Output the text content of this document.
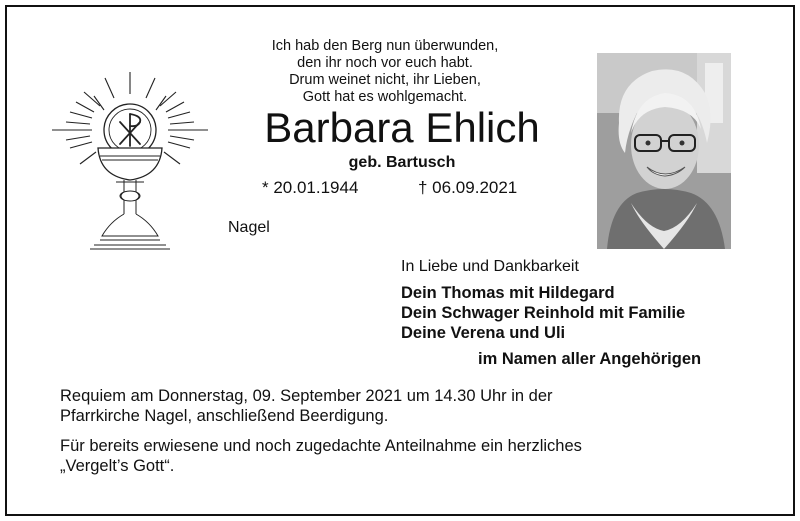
Ich hab den Berg nun überwunden,
den ihr noch vor euch habt.
Drum weinet nicht, ihr Lieben,
Gott hat es wohlgemacht.
Barbara Ehlich
geb. Bartusch
* 20.01.1944	† 06.09.2021
Nagel
In Liebe und Dankbarkeit
Dein Thomas mit Hildegard
Dein Schwager Reinhold mit Familie
Deine Verena und Uli
im Namen aller Angehörigen

Requiem am Donnerstag, 09. September 2021 um 14.30 Uhr in der
Pfarrkirche Nagel, anschließend Beerdigung.

Für bereits erwiesene und noch zugedachte Anteilnahme ein herzliches
„Vergelt’s Gott“.
